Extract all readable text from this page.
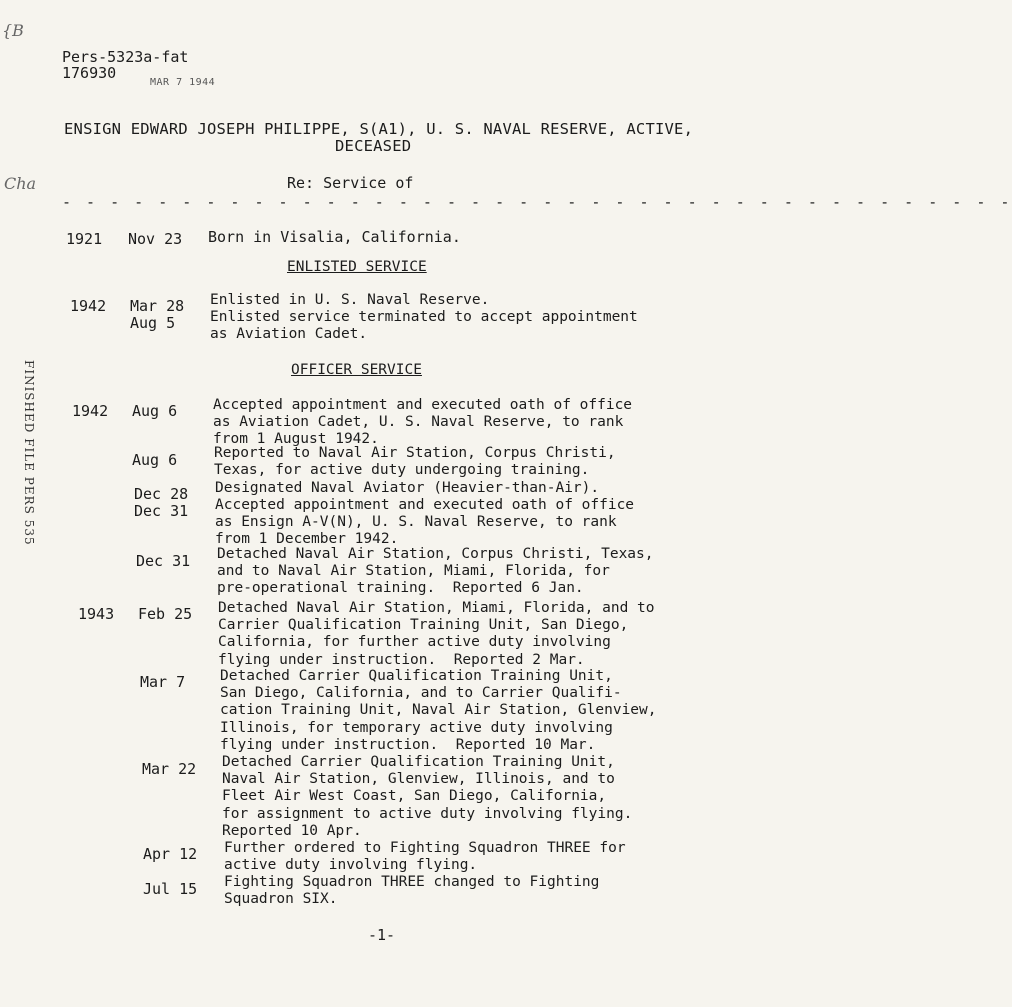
{B
Cha
Pers-5323a-fat
176930
MAR 7 1944
ENSIGN EDWARD JOSEPH PHILIPPE, S(A1), U. S. NAVAL RESERVE, ACTIVE,
DECEASED
Re: Service of
- - - - - - - - - - - - - - - - - - - - - - - - - - - - - - - - - - - - - - - -
1921 Nov 23 Born in Visalia, California.
ENLISTED SERVICE
1942 Mar 28 Enlisted in U. S. Naval Reserve.
Aug 5 Enlisted service terminated to accept appointment
as Aviation Cadet.
OFFICER SERVICE
1942 Aug 6 Accepted appointment and executed oath of office
as Aviation Cadet, U. S. Naval Reserve, to rank
from 1 August 1942.
Aug 6	Reported to Naval Air Station, Corpus Christi,
Texas, for active duty undergoing training.
Dec 28 Designated Naval Aviator (Heavier-than-Air).
Dec 31 Accepted appointment and executed oath of office
as Ensign A-V(N), U. S. Naval Reserve, to rank
from 1 December 1942.
Dec 31 Detached Naval Air Station, Corpus Christi, Texas,
and to Naval Air Station, Miami, Florida, for
pre-operational training.  Reported 6 Jan.
1943 Feb 25 Detached Naval Air Station, Miami, Florida, and to
Carrier Qualification Training Unit, San Diego,
California, for further active duty involving
flying under instruction.  Reported 2 Mar.
Mar 7 Detached Carrier Qualification Training Unit,
San Diego, California, and to Carrier Qualifi-
cation Training Unit, Naval Air Station, Glenview,
Illinois, for temporary active duty involving
flying under instruction.  Reported 10 Mar.
Mar 22 Detached Carrier Qualification Training Unit,
Naval Air Station, Glenview, Illinois, and to
Fleet Air West Coast, San Diego, California,
for assignment to active duty involving flying.
Reported 10 Apr.
Apr 12 Further ordered to Fighting Squadron THREE for
active duty involving flying.
Jul 15 Fighting Squadron THREE changed to Fighting
Squadron SIX.
FINISHED FILE PERS 535
-1-
